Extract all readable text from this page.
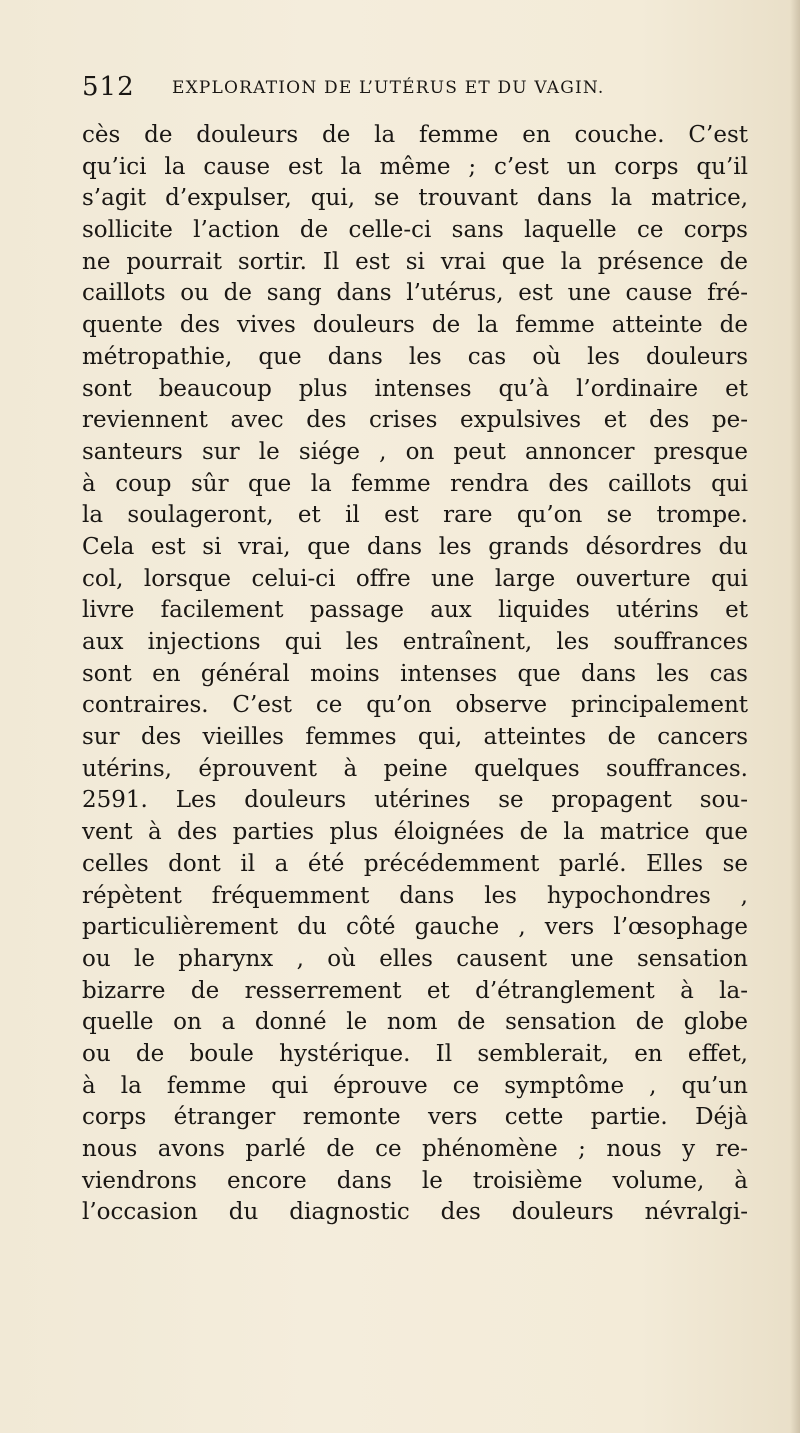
512 EXPLORATION DE L’UTÉRUS ET DU VAGIN.
cès de douleurs de la femme en couche. C’est
qu’ici la cause est la même ; c’est un corps qu’il
s’agit d’expulser, qui, se trouvant dans la matrice,
sollicite l’action de celle-ci sans laquelle ce corps
ne pourrait sortir. Il est si vrai que la présence de
caillots ou de sang dans l’utérus, est une cause fré-
quente des vives douleurs de la femme atteinte de
métropathie, que dans les cas où les douleurs
sont beaucoup plus intenses qu’à l’ordinaire et
reviennent avec des crises expulsives et des pe-
santeurs sur le siége , on peut annoncer presque
à coup sûr que la femme rendra des caillots qui
la soulageront, et il est rare qu’on se trompe.
Cela est si vrai, que dans les grands désordres du
col, lorsque celui-ci offre une large ouverture qui
livre facilement passage aux liquides utérins et
aux injections qui les entraînent, les souffrances
sont en général moins intenses que dans les cas
contraires. C’est ce qu’on observe principalement
sur des vieilles femmes qui, atteintes de cancers
utérins, éprouvent à peine quelques souffrances.
2591. Les douleurs utérines se propagent sou-
vent à des parties plus éloignées de la matrice que
celles dont il a été précédemment parlé. Elles se
répètent fréquemment dans les hypochondres ,
particulièrement du côté gauche , vers l’œsophage
ou le pharynx , où elles causent une sensation
bizarre de resserrement et d’étranglement à la-
quelle on a donné le nom de sensation de globe
ou de boule hystérique. Il semblerait, en effet,
à la femme qui éprouve ce symptôme , qu’un
corps étranger remonte vers cette partie. Déjà
nous avons parlé de ce phénomène ; nous y re-
viendrons encore dans le troisième volume, à
l’occasion du diagnostic des douleurs névralgi-
